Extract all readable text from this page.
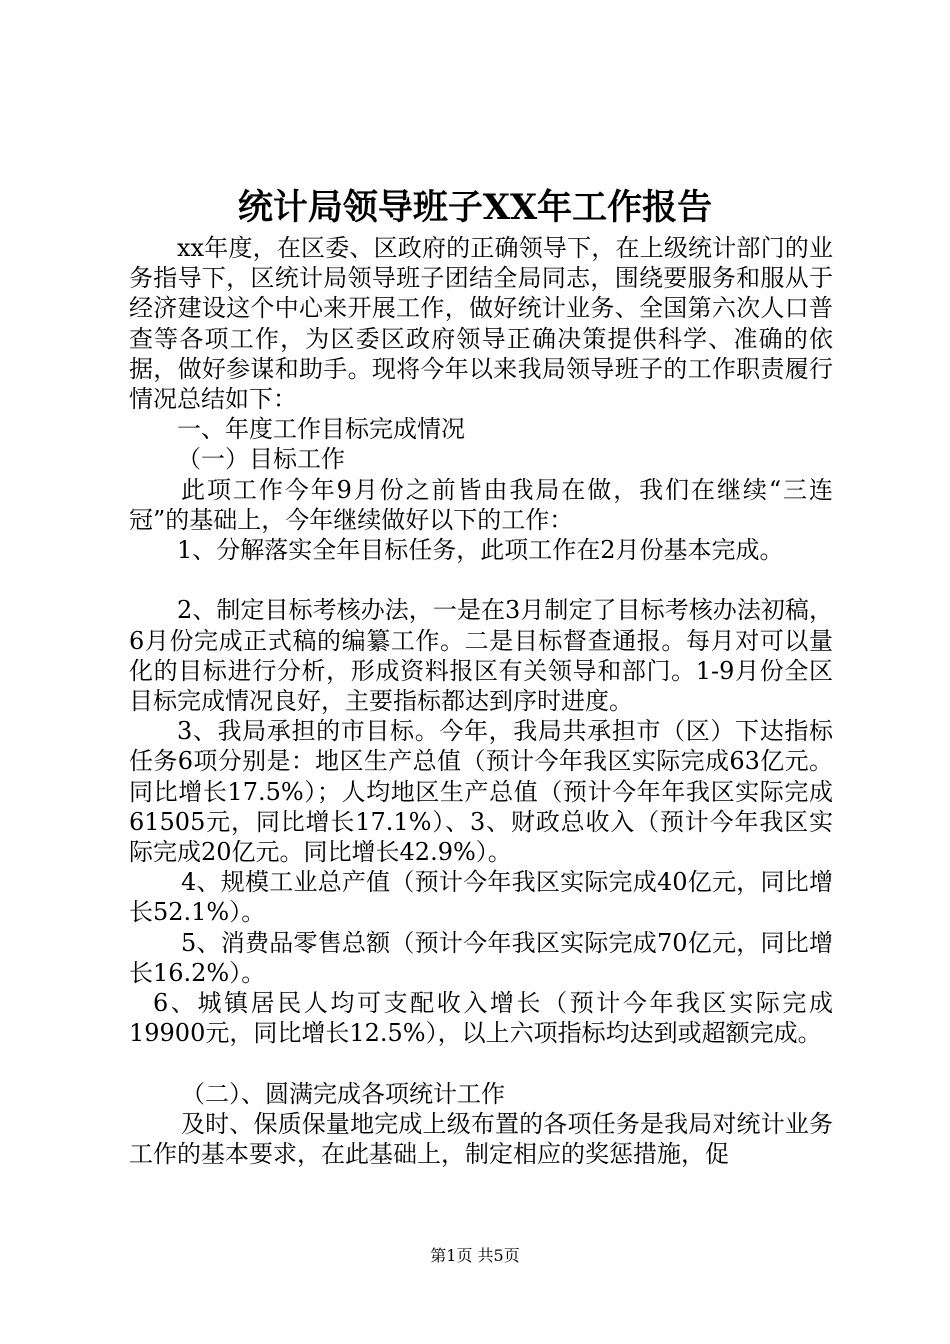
统计局领导班子XX年工作报告

xx年度，在区委、区政府的正确领导下，在上级统计部门的业务指导下，区统计局领导班子团结全局同志，围绕要服务和服从于经济建设这个中心来开展工作，做好统计业务、全国第六次人口普查等各项工作，为区委区政府领导正确决策提供科学、准确的依据，做好参谋和助手。现将今年以来我局领导班子的工作职责履行情况总结如下：

一、年度工作目标完成情况

（一）目标工作

此项工作今年9月份之前皆由我局在做，我们在继续“三连冠”的基础上，今年继续做好以下的工作：

1、分解落实全年目标任务，此项工作在2月份基本完成。

2、制定目标考核办法，一是在3月制定了目标考核办法初稿，6月份完成正式稿的编纂工作。二是目标督查通报。每月对可以量化的目标进行分析，形成资料报区有关领导和部门。1-9月份全区目标完成情况良好，主要指标都达到序时进度。

3、我局承担的市目标。今年，我局共承担市（区）下达指标任务6项分别是：地区生产总值（预计今年我区实际完成63亿元。同比增长17.5%）；人均地区生产总值（预计今年年我区实际完成61505元，同比增长17.1%）、3、财政总收入（预计今年我区实际完成20亿元。同比增长42.9%）。

4、规模工业总产值（预计今年我区实际完成40亿元，同比增长52.1%）。

5、消费品零售总额（预计今年我区实际完成70亿元，同比增长16.2%）。

6、城镇居民人均可支配收入增长（预计今年我区实际完成19900元，同比增长12.5%），以上六项指标均达到或超额完成。

（二）、圆满完成各项统计工作

及时、保质保量地完成上级布置的各项任务是我局对统计业务工作的基本要求，在此基础上，制定相应的奖惩措施，促

第1页 共5页
